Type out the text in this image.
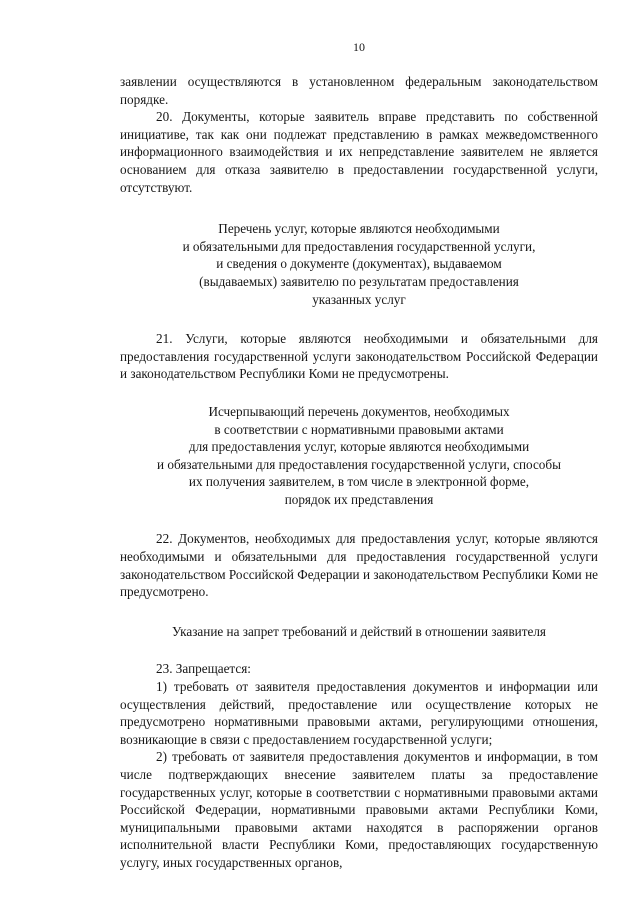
10

заявлении осуществляются в установленном федеральным законодательством порядке.

20. Документы, которые заявитель вправе представить по собственной инициативе, так как они подлежат представлению в рамках межведомственного информационного взаимодействия и их непредставление заявителем не является основанием для отказа заявителю в предоставлении государственной услуги, отсутствуют.

Перечень услуг, которые являются необходимыми
и обязательными для предоставления государственной услуги,
и сведения о документе (документах), выдаваемом
(выдаваемых) заявителю по результатам предоставления
указанных услуг

21. Услуги, которые являются необходимыми и обязательными для предоставления государственной услуги законодательством Российской Федерации и законодательством Республики Коми не предусмотрены.

Исчерпывающий перечень документов, необходимых
в соответствии с нормативными правовыми актами
для предоставления услуг, которые являются необходимыми
и обязательными для предоставления государственной услуги, способы
их получения заявителем, в том числе в электронной форме,
порядок их представления

22. Документов, необходимых для предоставления услуг, которые являются необходимыми и обязательными для предоставления государственной услуги законодательством Российской Федерации и законодательством Республики Коми не предусмотрено.

Указание на запрет требований и действий в отношении заявителя

23. Запрещается:

1) требовать от заявителя предоставления документов и информации или осуществления действий, предоставление или осуществление которых не предусмотрено нормативными правовыми актами, регулирующими отношения, возникающие в связи с предоставлением государственной услуги;

2) требовать от заявителя предоставления документов и информации, в том числе подтверждающих внесение заявителем платы за предоставление государственных услуг, которые в соответствии с нормативными правовыми актами Российской Федерации, нормативными правовыми актами Республики Коми, муниципальными правовыми актами находятся в распоряжении органов исполнительной власти Республики Коми, предоставляющих государственную услугу, иных государственных органов,
